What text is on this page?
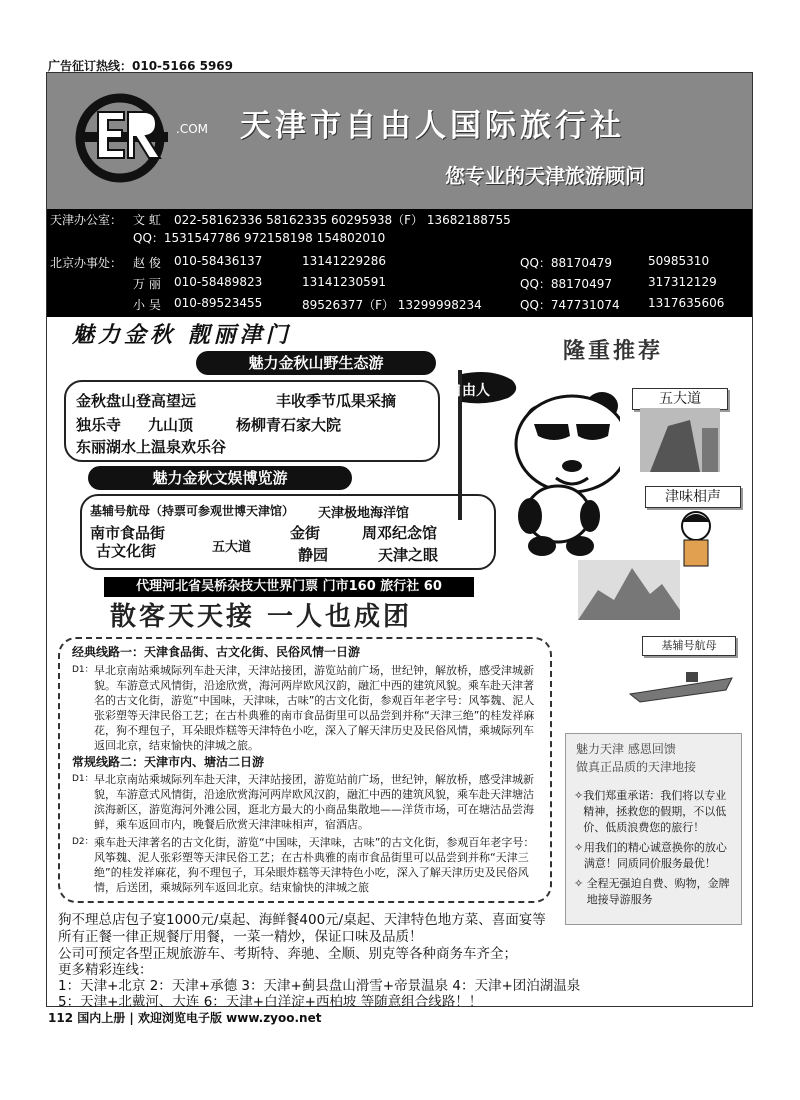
广告征订热线：010-5166 5969
.COM 天津市自由人国际旅行社
您专业的天津旅游顾问
天津办公室： 文 虹 022-58162336 58162335 60295938（F） 13682188755
QQ：1531547786 972158198 154802010
北京办事处： 赵 俊 010-58436137	13141229286	QQ：88170479	50985310
万 丽 010-58489823	13141230591	QQ：88170497	317312129
小 吴 010-89523455	89526377（F） 13299998234	QQ：747731074 1317635606
魅力金秋 靓丽津门
魅力金秋山野生态游
金秋盘山登高望远	丰收季节瓜果采摘
独乐寺 九山顶	杨柳青石家大院
东丽湖水上温泉欢乐谷
魅力金秋文娱博览游
基辅号航母（持票可参观世博天津馆） 天津极地海洋馆
南市食品街	金街	周邓纪念馆
古文化街	五大道	静园	天津之眼
自由人
隆重推荐
五大道
津味相声
基辅号航母
代理河北省吴桥杂技大世界门票 门市160 旅行社 60
散客天天接 一人也成团
经典线路一：天津食品街、古文化街、民俗风情一日游
D1： 早北京南站乘城际列车赴天津，天津站接团，游览站前广场，世纪钟，解放桥，感受津城新貌。车游意式风情街，沿途欣赏，海河两岸欧风汉韵，融汇中西的建筑风貌。乘车赴天津著名的古文化街，游览“中国味，天津味，古味”的古文化街，参观百年老字号：风筝魏、泥人张彩塑等天津民俗工艺；在古朴典雅的南市食品街里可以品尝到并称“天津三绝”的桂发祥麻花，狗不理包子，耳朵眼炸糕等天津特色小吃，深入了解天津历史及民俗风情，乘城际列车返回北京，结束愉快的津城之旅。
常规线路二：天津市内、塘沽二日游
D1： 早北京南站乘城际列车赴天津，天津站接团，游览站前广场，世纪钟，解放桥，感受津城新貌，车游意式风情街，沿途欣赏海河两岸欧风汉韵，融汇中西的建筑风貌，乘车赴天津塘沽滨海新区，游览海河外滩公园，逛北方最大的小商品集散地——洋货市场，可在塘沽品尝海鲜，乘车返回市内，晚餐后欣赏天津津味相声，宿酒店。
D2： 乘车赴天津著名的古文化街，游览“中国味，天津味，古味”的古文化街，参观百年老字号：风筝魏、泥人张彩塑等天津民俗工艺；在古朴典雅的南市食品街里可以品尝到并称“天津三绝”的桂发祥麻花，狗不理包子，耳朵眼炸糕等天津特色小吃，深入了解天津历史及民俗风情，后送团，乘城际列车返回北京。结束愉快的津城之旅
魅力天津 感恩回馈
做真正品质的天津地接
✧ 我们郑重承诺：我们将以专业精神，拯救您的假期，不以低价、低质浪费您的旅行！
✧ 用我们的精心诚意换你的放心满意！同质同价服务最优！
✧ 全程无强迫自费、购物，金牌地接导游服务
狗不理总店包子宴1000元/桌起、海鲜餐400元/桌起、天津特色地方菜、喜面宴等
所有正餐一律正规餐厅用餐，一菜一精炒，保证口味及品质！
公司可预定各型正规旅游车、考斯特、奔驰、全顺、别克等各种商务车齐全；
更多精彩连线：
1：天津+北京 2：天津+承德 3：天津+蓟县盘山滑雪+帝景温泉 4：天津+团泊湖温泉
5：天津+北戴河、大连 6：天津+白洋淀+西柏坡 等随意组合线路！！
112 国内上册 | 欢迎浏览电子版 www.zyoo.net
